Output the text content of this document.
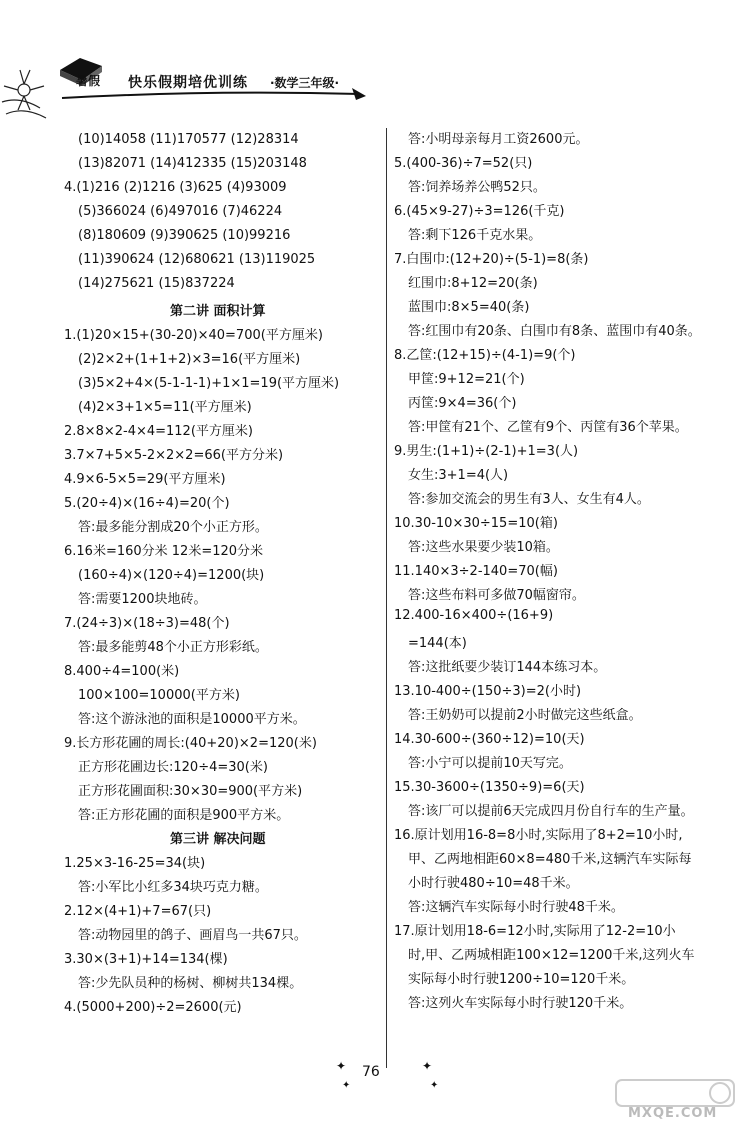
暑假 快乐假期培优训练 ·数学三年级·
(10)14058 (11)170577 (12)28314
(13)82071 (14)412335 (15)203148
4.(1)216 (2)1216 (3)625 (4)93009
(5)366024 (6)497016 (7)46224
(8)180609 (9)390625 (10)99216
(11)390624 (12)680621 (13)119025
(14)275621 (15)837224
第二讲 面积计算
1.(1)20×15+(30-20)×40=700(平方厘米)
(2)2×2+(1+1+2)×3=16(平方厘米)
(3)5×2+4×(5-1-1-1)+1×1=19(平方厘米)
(4)2×3+1×5=11(平方厘米)
2.8×8×2-4×4=112(平方厘米)
3.7×7+5×5-2×2×2=66(平方分米)
4.9×6-5×5=29(平方厘米)
5.(20÷4)×(16÷4)=20(个)
答:最多能分割成20个小正方形。
6.16米=160分米 12米=120分米
(160÷4)×(120÷4)=1200(块)
答:需要1200块地砖。
7.(24÷3)×(18÷3)=48(个)
答:最多能剪48个小正方形彩纸。
8.400÷4=100(米)
100×100=10000(平方米)
答:这个游泳池的面积是10000平方米。
9.长方形花圃的周长:(40+20)×2=120(米)
正方形花圃边长:120÷4=30(米)
正方形花圃面积:30×30=900(平方米)
答:正方形花圃的面积是900平方米。
第三讲 解决问题
1.25×3-16-25=34(块)
答:小军比小红多34块巧克力糖。
2.12×(4+1)+7=67(只)
答:动物园里的鸽子、画眉鸟一共67只。
3.30×(3+1)+14=134(棵)
答:少先队员种的杨树、柳树共134棵。
4.(5000+200)÷2=2600(元)
答:小明母亲每月工资2600元。
5.(400-36)÷7=52(只)
答:饲养场养公鸭52只。
6.(45×9-27)÷3=126(千克)
答:剩下126千克水果。
7.白围巾:(12+20)÷(5-1)=8(条)
红围巾:8+12=20(条)
蓝围巾:8×5=40(条)
答:红围巾有20条、白围巾有8条、蓝围巾有40条。
8.乙筐:(12+15)÷(4-1)=9(个)
甲筐:9+12=21(个)
丙筐:9×4=36(个)
答:甲筐有21个、乙筐有9个、丙筐有36个苹果。
9.男生:(1+1)÷(2-1)+1=3(人)
女生:3+1=4(人)
答:参加交流会的男生有3人、女生有4人。
10.30-10×30÷15=10(箱)
答:这些水果要少装10箱。
11.140×3÷2-140=70(幅)
答:这些布料可多做70幅窗帘。
12.400-16×400÷(16+9)
=144(本)
答:这批纸要少装订144本练习本。
13.10-400÷(150÷3)=2(小时)
答:王奶奶可以提前2小时做完这些纸盒。
14.30-600÷(360÷12)=10(天)
答:小宁可以提前10天写完。
15.30-3600÷(1350÷9)=6(天)
答:该厂可以提前6天完成四月份自行车的生产量。
16.原计划用16-8=8小时,实际用了8+2=10小时,
甲、乙两地相距60×8=480千米,这辆汽车实际每
小时行驶480÷10=48千米。
答:这辆汽车实际每小时行驶48千米。
17.原计划用18-6=12小时,实际用了12-2=10小
时,甲、乙两城相距100×12=1200千米,这列火车
实际每小时行驶1200÷10=120千米。
答:这列火车实际每小时行驶120千米。
✦
✦
76	✦
✦
MXQE.COM
